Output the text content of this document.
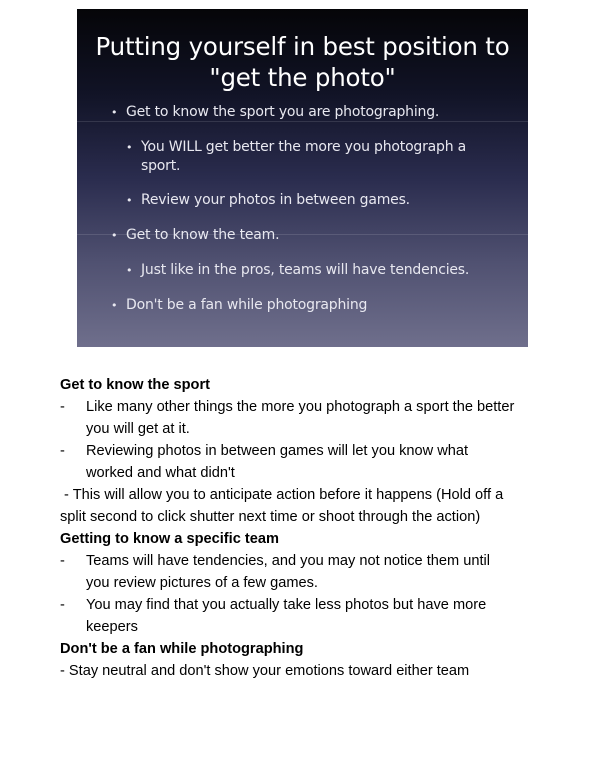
Putting yourself in best position to
"get the photo"
• Get to know the sport you are photographing.
• You WILL get better the more you photograph a
sport.
• Review your photos in between games.
• Get to know the team.
• Just like in the pros, teams will have tendencies.
• Don't be a fan while photographing
Get to know the sport
- Like many other things the more you photograph a sport the better
you will get at it.
- Reviewing photos in between games will let you know what
worked and what didn't
- This will allow you to anticipate action before it happens (Hold off a
split second to click shutter next time or shoot through the action)
Getting to know a specific team
- Teams will have tendencies, and you may not notice them until
you review pictures of a few games.
- You may find that you actually take less photos but have more
keepers
Don't be a fan while photographing
- Stay neutral and don't show your emotions toward either team
